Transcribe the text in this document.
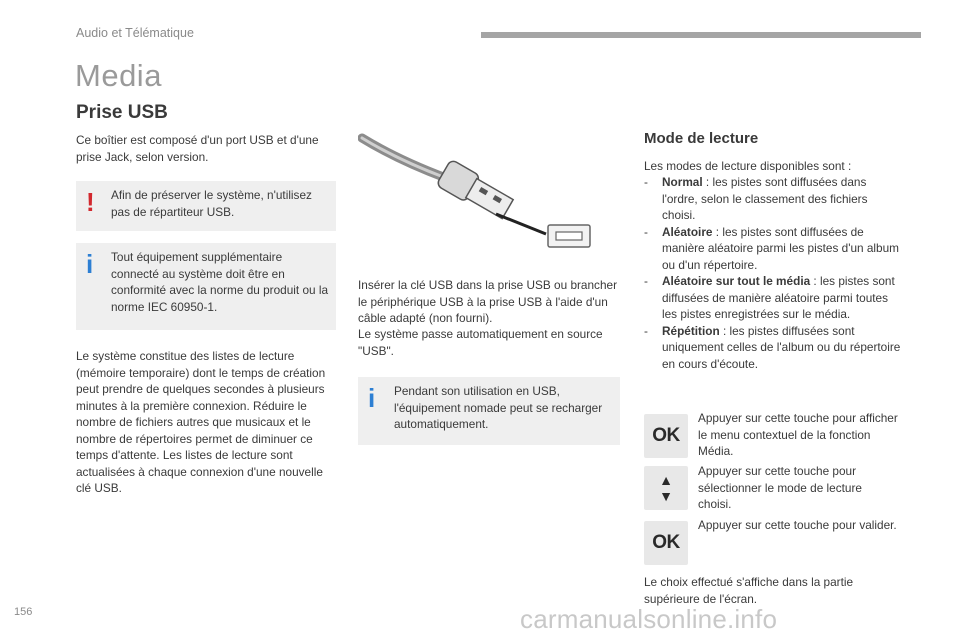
Audio et Télématique
Media
Prise USB

Ce boîtier est composé d'un port USB et d'une prise Jack, selon version.

! Afin de préserver le système, n'utilisez pas de répartiteur USB.

i Tout équipement supplémentaire connecté au système doit être en conformité avec la norme du produit ou la norme IEC 60950-1.

Le système constitue des listes de lecture (mémoire temporaire) dont le temps de création peut prendre de quelques secondes à plusieurs minutes à la première connexion. Réduire le nombre de fichiers autres que musicaux et le nombre de répertoires permet de diminuer ce temps d'attente. Les listes de lecture sont actualisées à chaque connexion d'une nouvelle clé USB.

Insérer la clé USB dans la prise USB ou brancher le périphérique USB à la prise USB à l'aide d'un câble adapté (non fourni).

Le système passe automatiquement en source "USB".

i Pendant son utilisation en USB, l'équipement nomade peut se recharger automatiquement.

Mode de lecture

Les modes de lecture disponibles sont :

- Normal : les pistes sont diffusées dans l'ordre, selon le classement des fichiers choisi.
- Aléatoire : les pistes sont diffusées de manière aléatoire parmi les pistes d'un album ou d'un répertoire.
- Aléatoire sur tout le média : les pistes sont diffusées de manière aléatoire parmi toutes les pistes enregistrées sur le média.
- Répétition : les pistes diffusées sont uniquement celles de l'album ou du répertoire en cours d'écoute.
OK

Appuyer sur cette touche pour afficher le menu contextuel de la fonction Média.

▲▼

Appuyer sur cette touche pour sélectionner le mode de lecture choisi.

OK

Appuyer sur cette touche pour valider.

Le choix effectué s'affiche dans la partie supérieure de l'écran.

156	carmanualsonline.info
